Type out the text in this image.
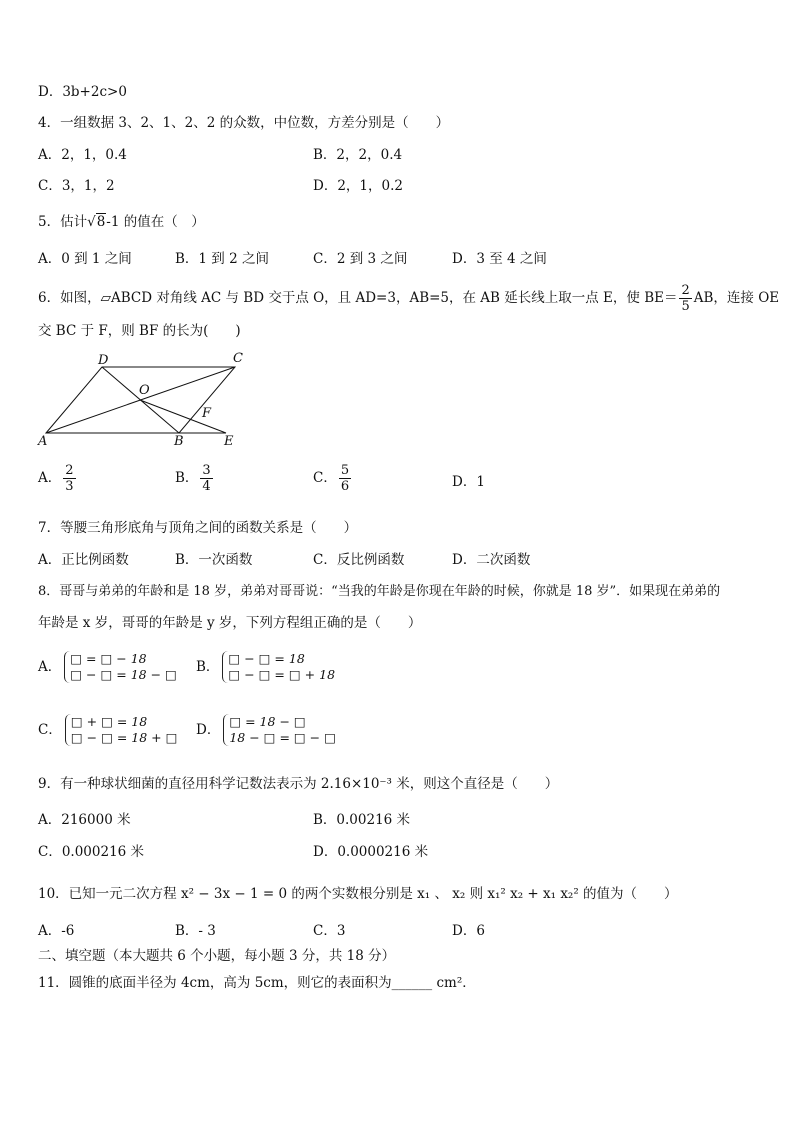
D．3b+2c>0
4．一组数据 3、2、1、2、2 的众数，中位数，方差分别是（　　）
A．2，1，0.4	B．2，2，0.4
C．3，1，2	D．2，1，0.2
5．估计√8-1 的值在（　）
A．0 到 1 之间	B．1 到 2 之间	C．2 到 3 之间	D．3 至 4 之间
6．如图，▱ABCD 对角线 AC 与 BD 交于点 O，且 AD=3，AB=5，在 AB 延长线上取一点 E，使 $BE= \frac{2}{5}$ AB，连接 OE
交 BC 于 F，则 BF 的长为(　　)
A	B
C
D
E
O
F
A． $\frac{2}{3}$	B． $\frac{3}{4}$	C． $\frac{5}{6}$	D．1
7．等腰三角形底角与顶角之间的函数关系是（　　）
A．正比例函数	B．一次函数	C．反比例函数	D．二次函数
8．哥哥与弟弟的年龄和是 18 岁，弟弟对哥哥说：“当我的年龄是你现在年龄的时候，你就是 18 岁”．如果现在弟弟的
年龄是 x 岁，哥哥的年龄是 y 岁，下列方程组正确的是（　　）
A．
□ = □ − 18
□ − □ = 18 − □ B．
□ − □ = 18
□ − □ = □ + 18
C．
□ + □ = 18
□ − □ = 18 + □ D．
□ = 18 − □
18 − □ = □ − □
9．有一种球状细菌的直径用科学记数法表示为 2.16×10⁻³ 米，则这个直径是（　　）
A．216000 米	B．0.00216 米
C．0.000216 米	D．0.0000216 米
10．已知一元二次方程 x² − 3x − 1 = 0 的两个实数根分别是 x₁ 、 x₂ 则 x₁² x₂ + x₁ x₂² 的值为（　　）
A．-6	B．- 3	C．3	D．6
二、填空题（本大题共 6 个小题，每小题 3 分，共 18 分）
11．圆锥的底面半径为 4cm，高为 5cm，则它的表面积为______ cm²．
